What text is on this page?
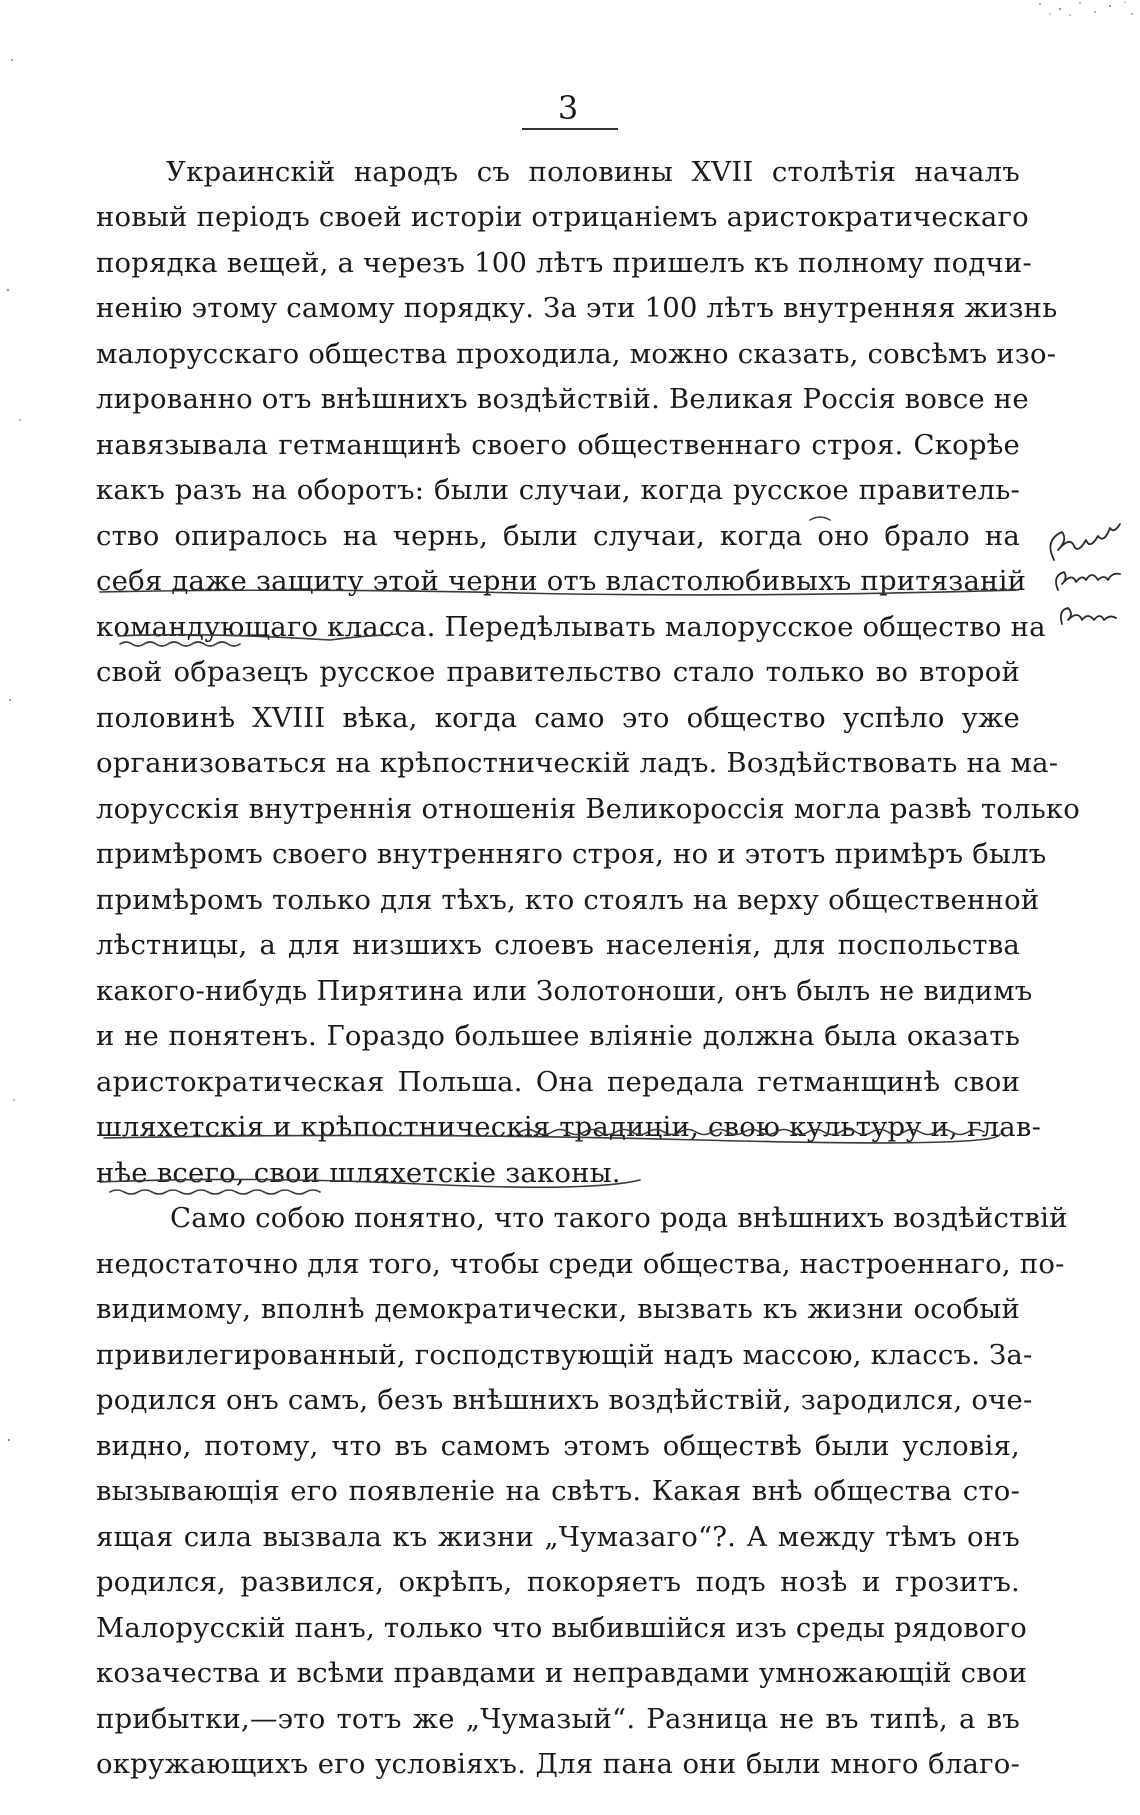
3

Украинскій народъ съ половины XVII столѣтія началъ

новый періодъ своей исторіи отрицаніемъ аристократическаго

порядка вещей, а черезъ 100 лѣтъ пришелъ къ полному подчи-

ненію этому самому порядку. За эти 100 лѣтъ внутренняя жизнь

малорусскаго общества проходила, можно сказать, совсѣмъ изо-

лированно отъ внѣшнихъ воздѣйствій. Великая Россія вовсе не

навязывала гетманщинѣ своего общественнаго строя. Скорѣе

какъ разъ на оборотъ: были случаи, когда русское правитель-

ство опиралось на чернь, были случаи, когда оно брало на

себя даже защиту этой черни отъ властолюбивыхъ притязаній

командующаго класса. Передѣлывать малорусское общество на

свой образецъ русское правительство стало только во второй

половинѣ XVIII вѣка, когда само это общество успѣло уже

организоваться на крѣпостническій ладъ. Воздѣйствовать на ма-

лорусскія внутреннія отношенія Великороссія могла развѣ только

примѣромъ своего внутренняго строя, но и этотъ примѣръ былъ

примѣромъ только для тѣхъ, кто стоялъ на верху общественной

лѣстницы, а для низшихъ слоевъ населенія, для поспольства

какого-нибудь Пирятина или Золотоноши, онъ былъ не видимъ

и не понятенъ. Гораздо большее вліяніе должна была оказать

аристократическая Польша. Она передала гетманщинѣ свои

шляхетскія и крѣпостническія традиціи, свою культуру и, глав-

нѣе всего, свои шляхетскіе законы.

Само собою понятно, что такого рода внѣшнихъ воздѣйствій

недостаточно для того, чтобы среди общества, настроеннаго, по-

видимому, вполнѣ демократически, вызвать къ жизни особый

привилегированный, господствующій надъ массою, классъ. За-

родился онъ самъ, безъ внѣшнихъ воздѣйствій, зародился, оче-

видно, потому, что въ самомъ этомъ обществѣ были условія,

вызывающія его появленіе на свѣтъ. Какая внѣ общества сто-

ящая сила вызвала къ жизни „Чумазаго“?. А между тѣмъ онъ

родился, развился, окрѣпъ, покоряетъ подъ нозѣ и грозитъ.

Малорусскій панъ, только что выбившійся изъ среды рядового

козачества и всѣми правдами и неправдами умножающій свои

прибытки,—это тотъ же „Чумазый“. Разница не въ типѣ, а въ

окружающихъ его условіяхъ. Для пана они были много благо-
